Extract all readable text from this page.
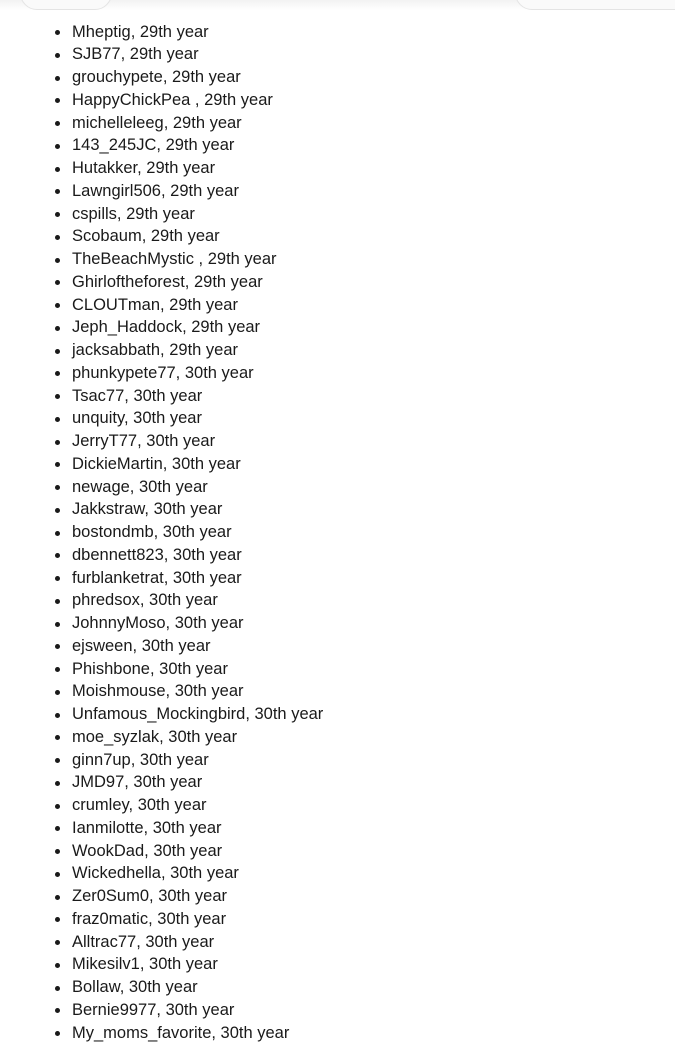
Mheptig, 29th year
SJB77, 29th year
grouchypete, 29th year
HappyChickPea , 29th year
michelleleeg, 29th year
143_245JC, 29th year
Hutakker, 29th year
Lawngirl506, 29th year
cspills, 29th year
Scobaum, 29th year
TheBeachMystic , 29th year
Ghirloftheforest, 29th year
CLOUTman, 29th year
Jeph_Haddock, 29th year
jacksabbath, 29th year
phunkypete77, 30th year
Tsac77, 30th year
unquity, 30th year
JerryT77, 30th year
DickieMartin, 30th year
newage, 30th year
Jakkstraw, 30th year
bostondmb, 30th year
dbennett823, 30th year
furblanketrat, 30th year
phredsox, 30th year
JohnnyMoso, 30th year
ejsween, 30th year
Phishbone, 30th year
Moishmouse, 30th year
Unfamous_Mockingbird, 30th year
moe_syzlak, 30th year
ginn7up, 30th year
JMD97, 30th year
crumley, 30th year
Ianmilotte, 30th year
WookDad, 30th year
Wickedhella, 30th year
Zer0Sum0, 30th year
fraz0matic, 30th year
Alltrac77, 30th year
Mikesilv1, 30th year
Bollaw, 30th year
Bernie9977, 30th year
My_moms_favorite, 30th year
